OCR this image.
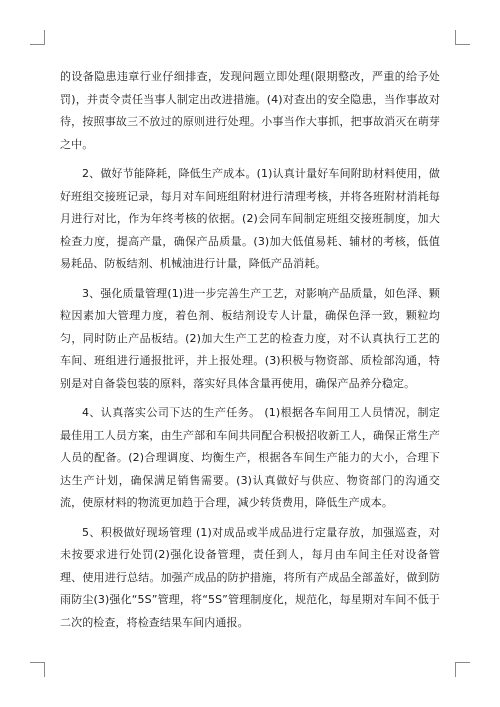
的设备隐患违章行业仔细排查，发现问题立即处理(限期整改，严重的给予处罚)，并责令责任当事人制定出改进措施。(4)对查出的安全隐患，当作事故对待，按照事故三不放过的原则进行处理。小事当作大事抓，把事故消灭在萌芽之中。

2、做好节能降耗，降低生产成本。(1)认真计量好车间附助材料使用，做好班组交接班记录，每月对车间班组附材进行清理考核，并将各班附材消耗每月进行对比，作为年终考核的依据。(2)会同车间制定班组交接班制度，加大检查力度，提高产量，确保产品质量。(3)加大低值易耗、辅材的考核，低值易耗品、防板结剂、机械油进行计量，降低产品消耗。

3、强化质量管理(1)进一步完善生产工艺，对影响产品质量，如色泽、颗粒因素加大管理力度，着色剂、板结剂设专人计量，确保色泽一致，颗粒均匀，同时防止产品板结。(2)加大生产工艺的检查力度，对不认真执行工艺的车间、班组进行通报批评，并上报处理。(3)积极与物资部、质检部沟通，特别是对自备袋包装的原料，落实好具体含量再使用，确保产品养分稳定。

4、认真落实公司下达的生产任务。 (1)根据各车间用工人员情况，制定最佳用工人员方案，由生产部和车间共同配合积极招收新工人，确保正常生产人员的配备。(2)合理调度、均衡生产，根据各车间生产能力的大小，合理下达生产计划，确保满足销售需要。(3)认真做好与供应、物资部门的沟通交流，使原材料的物流更加趋于合理，减少转货费用，降低生产成本。

5、积极做好现场管理 (1)对成品或半成品进行定量存放，加强巡查，对未按要求进行处罚(2)强化设备管理，责任到人，每月由车间主任对设备管理、使用进行总结。加强产成品的防护措施，将所有产成品全部盖好，做到防雨防尘(3)强化“5S”管理，将“5S”管理制度化，规范化，每星期对车间不低于二次的检查，将检查结果车间内通报。
